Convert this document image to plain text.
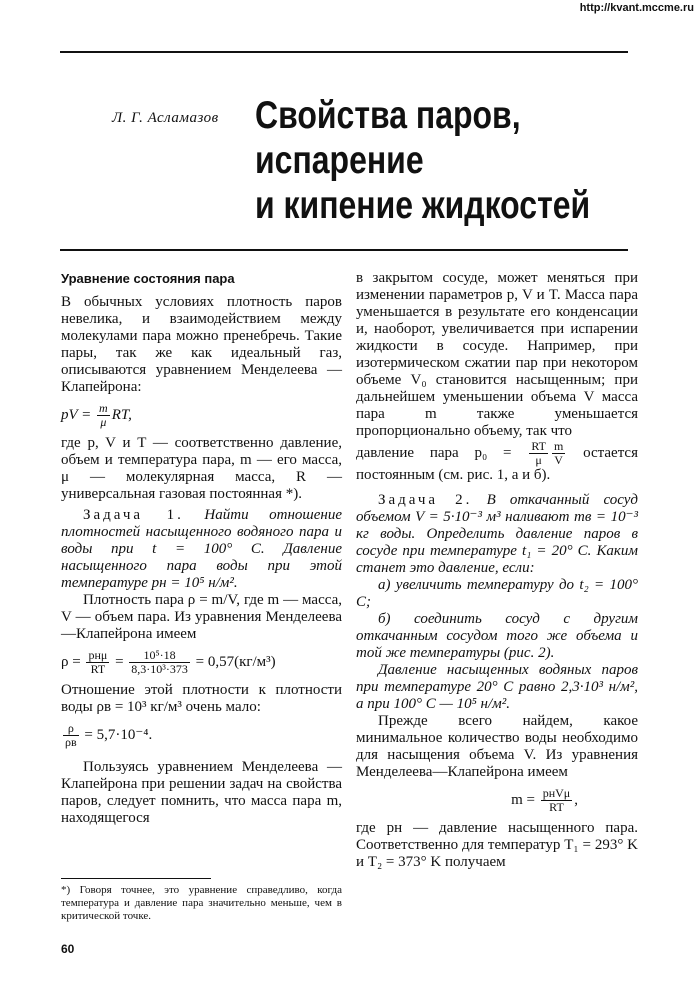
http://kvant.mccme.ru
Л. Г. Асламазов Свойства паров,
испарение
и кипение жидкостей

Уравнение состояния пара

В обычных условиях плотность паров невелика, и взаимодействием между молекулами пара можно пренебречь. Такие пары, так же как идеальный газ, описываются уравнением Менделеева — Клапейрона:

pV = $\frac{m}{\mu}$ RT,

где p, V и T — соответственно давление, объем и температура пара, m — его масса, μ — молекулярная масса, R — универсальная газовая постоянная *).

Задача 1. Найти отношение плотностей насыщенного водяного пара и воды при t = 100° C. Давление насыщенного пара воды при этой температуре pн = 10⁵ н/м².

Плотность пара ρ = m/V, где m — масса, V — объем пара. Из уравнения Менделеева—Клапейрона имеем

$\rho = \frac{\text{pнμ}}{RT} = \frac{\text{10⁵·18}}{\text{8,3·10³·373}} = 0,57(кг/м^3)$

Отношение этой плотности к плотности воды ρв = 10³ кг/м³ очень мало:

$\frac{\rho}{\rho в} = 5,7\cdot 10^{-4}$.

Пользуясь уравнением Менделеева — Клапейрона при решении задач на свойства паров, следует помнить, что масса пара m, находящегося

в закрытом сосуде, может меняться при изменении параметров p, V и T. Масса пара уменьшается в результате его конденсации и, наоборот, увеличивается при испарении жидкости в сосуде. Например, при изотермическом сжатии пар при некотором объеме V₀ становится насыщенным; при дальнейшем уменьшении объема V масса пара m также уменьшается пропорционально объему, так что

давление пара $p_0 = \frac{RT}{\mu} \frac{m}{V}$ остается постоянным (см. рис. 1, а и б).

Задача 2. В откачанный сосуд объемом V = 5·10⁻³ м³ наливают mв = 10⁻³ кг воды. Определить давление паров в сосуде при температуре t₁ = 20° C. Каким станет это давление, если:

а) увеличить температуру до t₂ = 100° C;

б) соединить сосуд с другим откачанным сосудом того же объема и той же температуры (рис. 2).

Давление насыщенных водяных паров при температуре 20° C равно 2,3·10³ н/м², а при 100° C — 10⁵ н/м².

Прежде всего найдем, какое минимальное количество воды необходимо для насыщения объема V. Из уравнения Менделеева—Клапейрона имеем

$m = \frac{\text{pнVμ}}{RT}$ ,

где pн — давление насыщенного пара. Соответственно для температур T₁ = 293° K и T₂ = 373° K получаем

*) Говоря точнее, это уравнение справедливо, когда температура и давление пара значительно меньше, чем в критической точке.
60
